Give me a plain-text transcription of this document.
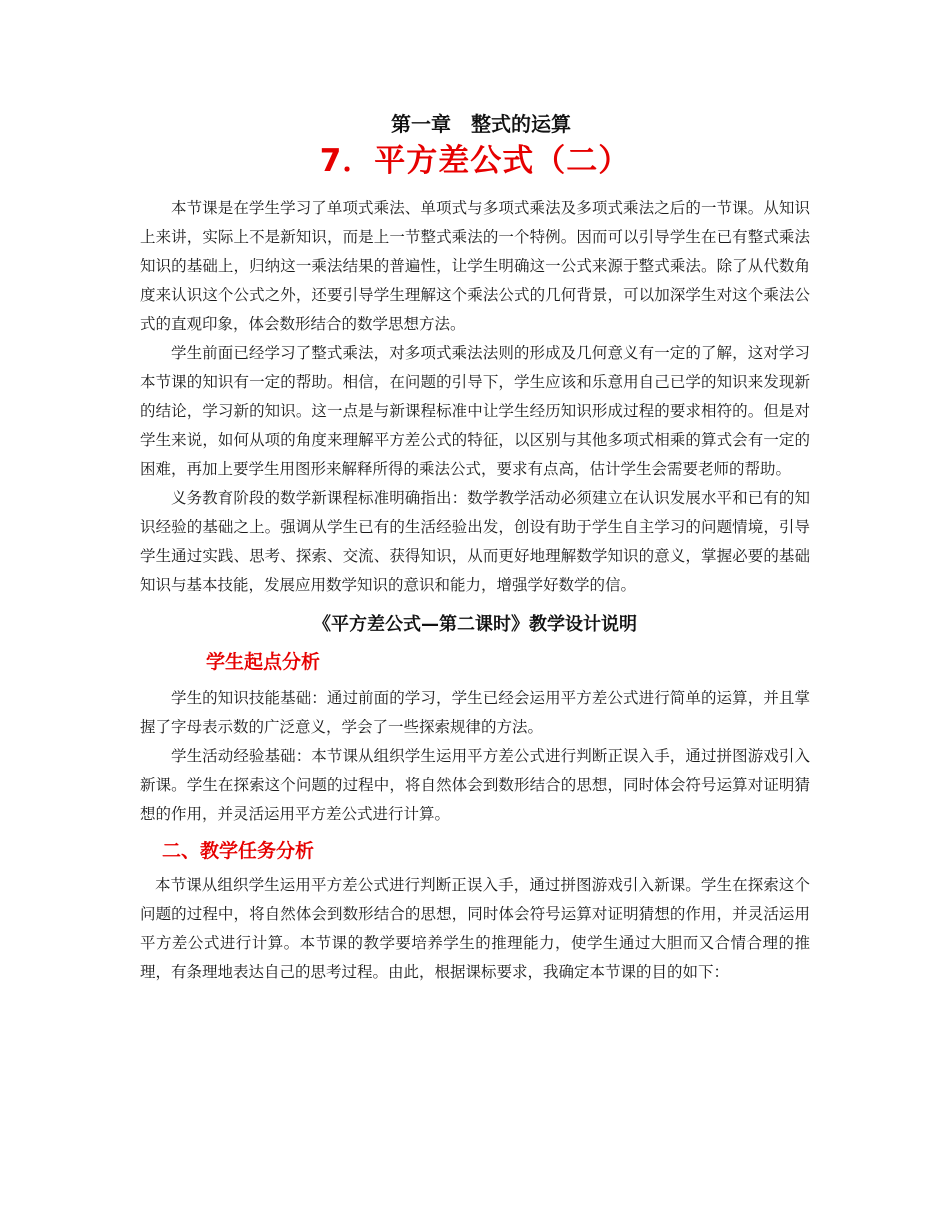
第一章　整式的运算
7．平方差公式（二）

本节课是在学生学习了单项式乘法、单项式与多项式乘法及多项式乘法之后的一节课。从知识上来讲，实际上不是新知识，而是上一节整式乘法的一个特例。因而可以引导学生在已有整式乘法知识的基础上，归纳这一乘法结果的普遍性，让学生明确这一公式来源于整式乘法。除了从代数角度来认识这个公式之外，还要引导学生理解这个乘法公式的几何背景，可以加深学生对这个乘法公式的直观印象，体会数形结合的数学思想方法。

学生前面已经学习了整式乘法，对多项式乘法法则的形成及几何意义有一定的了解，这对学习本节课的知识有一定的帮助。相信，在问题的引导下，学生应该和乐意用自己已学的知识来发现新的结论，学习新的知识。这一点是与新课程标准中让学生经历知识形成过程的要求相符的。但是对学生来说，如何从项的角度来理解平方差公式的特征，以区别与其他多项式相乘的算式会有一定的困难，再加上要学生用图形来解释所得的乘法公式，要求有点高，估计学生会需要老师的帮助。

义务教育阶段的数学新课程标准明确指出：数学教学活动必须建立在认识发展水平和已有的知识经验的基础之上。强调从学生已有的生活经验出发，创设有助于学生自主学习的问题情境，引导学生通过实践、思考、探索、交流、获得知识，从而更好地理解数学知识的意义，掌握必要的基础知识与基本技能，发展应用数学知识的意识和能力，增强学好数学的信。

《平方差公式—第二课时》教学设计说明
学生起点分析

学生的知识技能基础：通过前面的学习，学生已经会运用平方差公式进行简单的运算，并且掌握了字母表示数的广泛意义，学会了一些探索规律的方法。

学生活动经验基础：本节课从组织学生运用平方差公式进行判断正误入手，通过拼图游戏引入新课。学生在探索这个问题的过程中，将自然体会到数形结合的思想，同时体会符号运算对证明猜想的作用，并灵活运用平方差公式进行计算。

二、教学任务分析

本节课从组织学生运用平方差公式进行判断正误入手，通过拼图游戏引入新课。学生在探索这个问题的过程中，将自然体会到数形结合的思想，同时体会符号运算对证明猜想的作用，并灵活运用平方差公式进行计算。本节课的教学要培养学生的推理能力，使学生通过大胆而又合情合理的推理，有条理地表达自己的思考过程。由此，根据课标要求，我确定本节课的目的如下：
